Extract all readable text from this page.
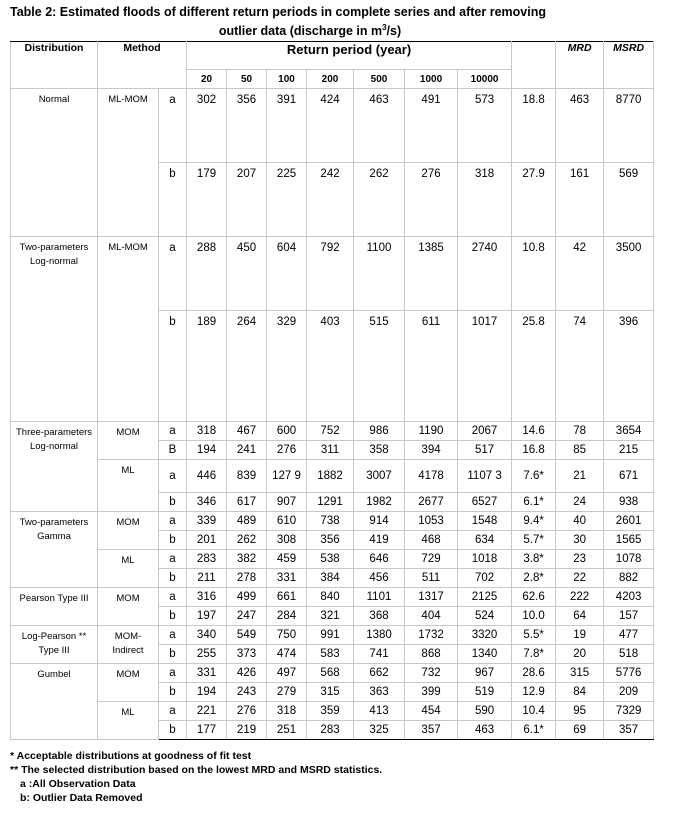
Table 2: Estimated floods of different return periods in complete series and after removing
outlier data (discharge in $m^3/s$)
Distribution	Method		Return period (year)								MRD	MSRD
			20	50	100	200	500	1000	10000			
Normal	ML-MOM	a	302	356	391	424	463	491	573	18.8	463	8770
		b	179	207	225	242	262	276	318	27.9	161	569
Two-parameters Log-normal	ML-MOM	a	288	450	604	792	1100	1385	2740	10.8	42	3500
		b	189	264	329	403	515	611	1017	25.8	74	396
Three-parameters Log-normal	MOM	a	318	467	600	752	986	1190	2067	14.6	78	3654
		B	194	241	276	311	358	394	517	16.8	85	215
	ML	a	446	839	127 9	1882	3007	4178	1107 3	7.6*	21	671
		b	346	617	907	1291	1982	2677	6527	6.1*	24	938
Two-parameters Gamma	MOM	a	339	489	610	738	914	1053	1548	9.4*	40	2601
		b	201	262	308	356	419	468	634	5.7*	30	1565
	ML	a	283	382	459	538	646	729	1018	3.8*	23	1078
		b	211	278	331	384	456	511	702	2.8*	22	882
Pearson Type III	MOM	a	316	499	661	840	1101	1317	2125	62.6	222	4203
		b	197	247	284	321	368	404	524	10.0	64	157
Log-Pearson ** Type III	MOM-Indirect	a	340	549	750	991	1380	1732	3320	5.5*	19	477
		b	255	373	474	583	741	868	1340	7.8*	20	518
Gumbel	MOM	a	331	426	497	568	662	732	967	28.6	315	5776
		b	194	243	279	315	363	399	519	12.9	84	209
	ML	a	221	276	318	359	413	454	590	10.4	95	7329
		b	177	219	251	283	325	357	463	6.1*	69	357
* Acceptable distributions at goodness of fit test
** The selected distribution based on the lowest MRD and MSRD statistics.
a :All Observation Data
b: Outlier Data Removed
